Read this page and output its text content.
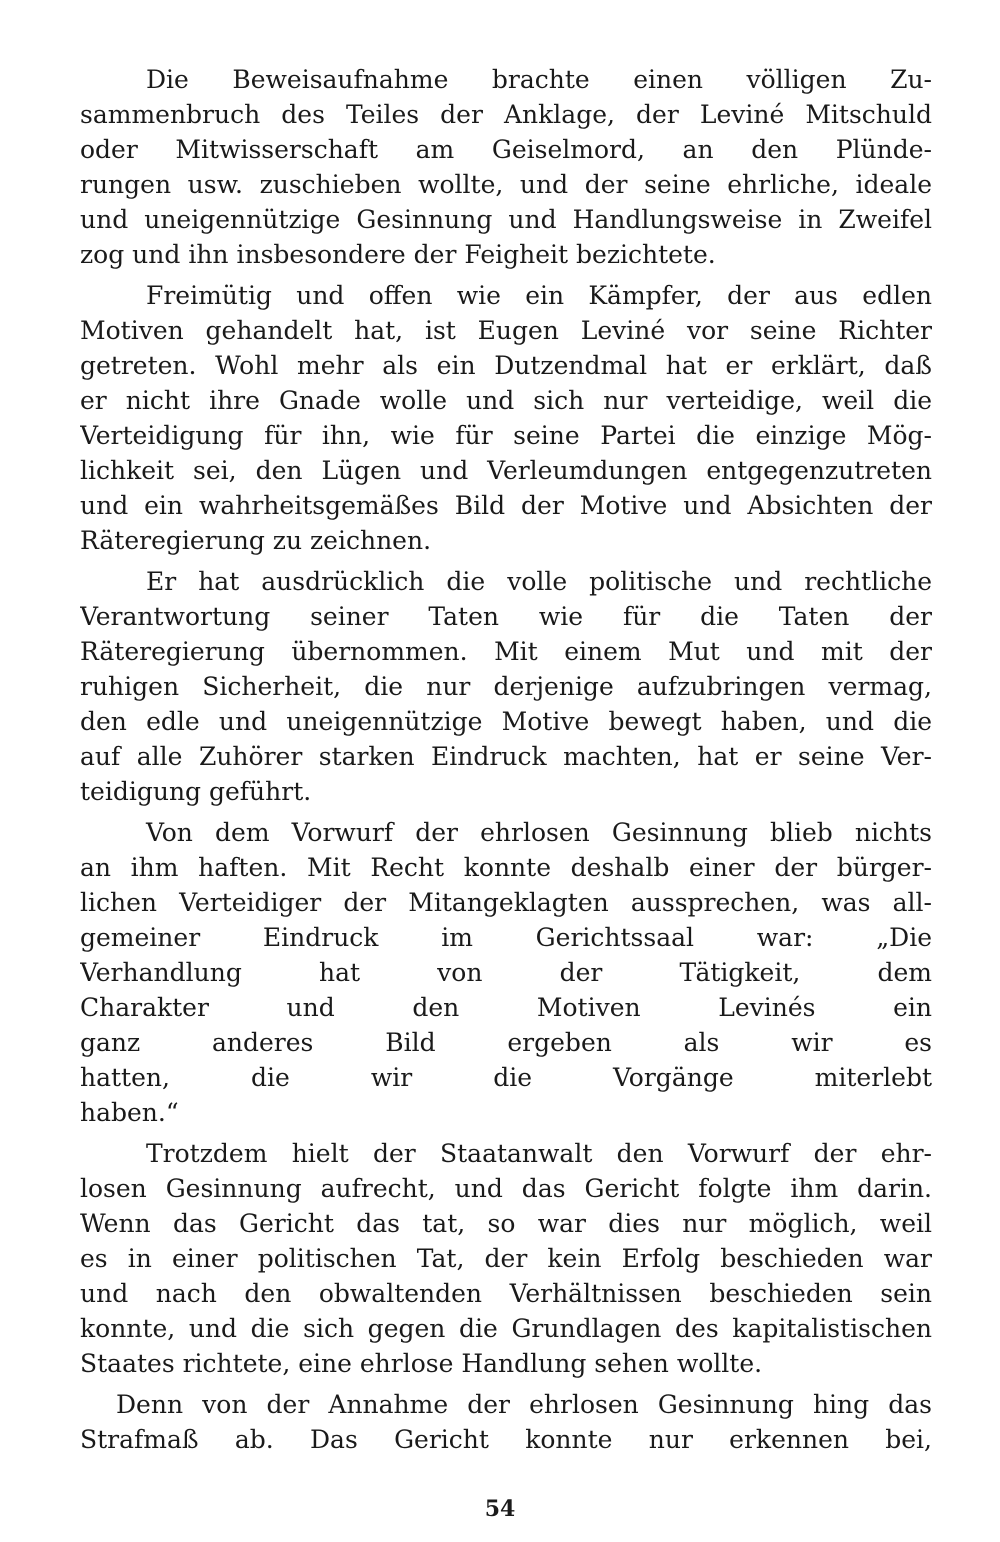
Die Beweisaufnahme brachte einen völligen Zu-
sammenbruch des Teiles der Anklage, der Leviné Mitschuld
oder Mitwisserschaft am Geiselmord, an den Plünde-
rungen usw. zuschieben wollte, und der seine ehrliche, ideale
und uneigennützige Gesinnung und Handlungsweise in Zweifel
zog und ihn insbesondere der Feigheit bezichtete.
Freimütig und offen wie ein Kämpfer, der aus edlen
Motiven gehandelt hat, ist Eugen Leviné vor seine Richter
getreten. Wohl mehr als ein Dutzendmal hat er erklärt, daß
er nicht ihre Gnade wolle und sich nur verteidige, weil die
Verteidigung für ihn, wie für seine Partei die einzige Mög-
lichkeit sei, den Lügen und Verleumdungen entgegenzutreten
und ein wahrheitsgemäßes Bild der Motive und Absichten der
Räteregierung zu zeichnen.
Er hat ausdrücklich die volle politische und rechtliche
Verantwortung seiner Taten wie für die Taten der
Räteregierung übernommen. Mit einem Mut und mit der
ruhigen Sicherheit, die nur derjenige aufzubringen vermag,
den edle und uneigennützige Motive bewegt haben, und die
auf alle Zuhörer starken Eindruck machten, hat er seine Ver-
teidigung geführt.
Von dem Vorwurf der ehrlosen Gesinnung blieb nichts
an ihm haften. Mit Recht konnte deshalb einer der bürger-
lichen Verteidiger der Mitangeklagten aussprechen, was all-
gemeiner Eindruck im Gerichtssaal war: „Die
Verhandlung hat von der Tätigkeit, dem
Charakter und den Motiven Levinés ein
ganz anderes Bild ergeben als wir es
hatten, die wir die Vorgänge miterlebt
haben.“
Trotzdem hielt der Staatanwalt den Vorwurf der ehr-
losen Gesinnung aufrecht, und das Gericht folgte ihm darin.
Wenn das Gericht das tat, so war dies nur möglich, weil
es in einer politischen Tat, der kein Erfolg beschieden war
und nach den obwaltenden Verhältnissen beschieden sein
konnte, und die sich gegen die Grundlagen des kapitalistischen
Staates richtete, eine ehrlose Handlung sehen wollte.
Denn von der Annahme der ehrlosen Gesinnung hing das
Strafmaß ab. Das Gericht konnte nur erkennen bei,
54
